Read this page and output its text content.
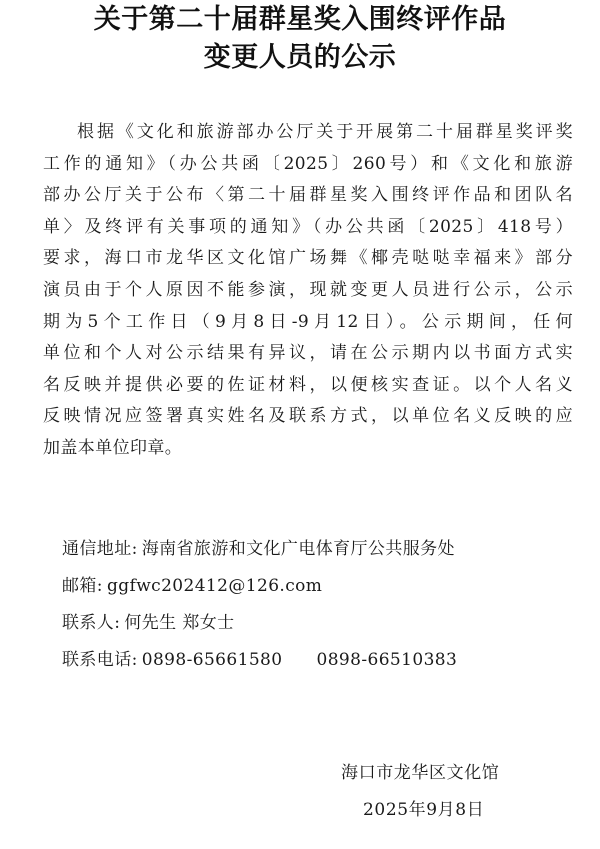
关于第二十届群星奖入围终评作品
变更人员的公示
根据《文化和旅游部办公厅关于开展第二十届群星奖评奖
工作的通知》（办公共函〔2025〕260号）和《文化和旅游
部办公厅关于公布〈第二十届群星奖入围终评作品和团队名
单〉及终评有关事项的通知》（办公共函〔2025〕418号）
要求，海口市龙华区文化馆广场舞《椰壳哒哒幸福来》部分
演员由于个人原因不能参演，现就变更人员进行公示，公示
期为5个工作日（9月8日-9月12日）。公示期间，任何
单位和个人对公示结果有异议，请在公示期内以书面方式实
名反映并提供必要的佐证材料，以便核实查证。以个人名义
反映情况应签署真实姓名及联系方式，以单位名义反映的应
加盖本单位印章。
通信地址: 海南省旅游和文化广电体育厅公共服务处
邮箱: ggfwc202412@126.com
联系人: 何先生 郑女士
联系电话: 0898-65661580 0898-66510383
海口市龙华区文化馆
2025年9月8日
